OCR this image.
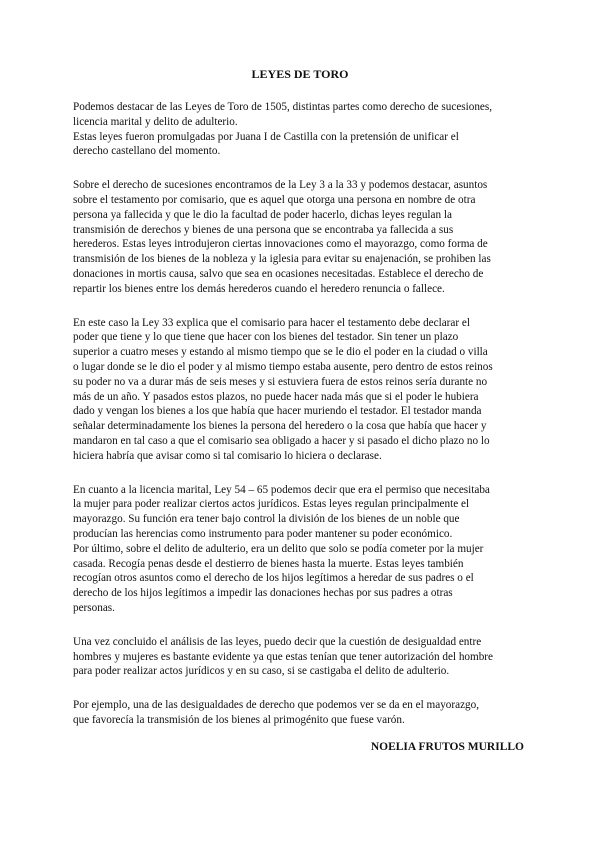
LEYES DE TORO

Podemos destacar de las Leyes de Toro de 1505, distintas partes como derecho de sucesiones,
licencia marital y delito de adulterio.
Estas leyes fueron promulgadas por Juana I de Castilla con la pretensión de unificar el
derecho castellano del momento.

Sobre el derecho de sucesiones encontramos de la Ley 3 a la 33 y podemos destacar, asuntos
sobre el testamento por comisario, que es aquel que otorga una persona en nombre de otra
persona ya fallecida y que le dio la facultad de poder hacerlo, dichas leyes regulan la
transmisión de derechos y bienes de una persona que se encontraba ya fallecida a sus
herederos. Estas leyes introdujeron ciertas innovaciones como el mayorazgo, como forma de
transmisión de los bienes de la nobleza y la iglesia para evitar su enajenación, se prohiben las
donaciones in mortis causa, salvo que sea en ocasiones necesitadas. Establece el derecho de
repartir los bienes entre los demás herederos cuando el heredero renuncia o fallece.

En este caso la Ley 33 explica que el comisario para hacer el testamento debe declarar el
poder que tiene y lo que tiene que hacer con los bienes del testador. Sin tener un plazo
superior a cuatro meses y estando al mismo tiempo que se le dio el poder en la ciudad o villa
o lugar donde se le dio el poder y al mismo tiempo estaba ausente, pero dentro de estos reinos
su poder no va a durar más de seis meses y si estuviera fuera de estos reinos sería durante no
más de un año. Y pasados estos plazos, no puede hacer nada más que si el poder le hubiera
dado y vengan los bienes a los que había que hacer muriendo el testador. El testador manda
señalar determinadamente los bienes la persona del heredero o la cosa que había que hacer y
mandaron en tal caso a que el comisario sea obligado a hacer y si pasado el dicho plazo no lo
hiciera habría que avisar como si tal comisario lo hiciera o declarase.

En cuanto a la licencia marital, Ley 54 – 65 podemos decir que era el permiso que necesitaba
la mujer para poder realizar ciertos actos jurídicos. Estas leyes regulan principalmente el
mayorazgo. Su función era tener bajo control la división de los bienes de un noble que
producían las herencias como instrumento para poder mantener su poder económico.
Por último, sobre el delito de adulterio, era un delito que solo se podía cometer por la mujer
casada. Recogía penas desde el destierro de bienes hasta la muerte. Estas leyes también
recogían otros asuntos como el derecho de los hijos legítimos a heredar de sus padres o el
derecho de los hijos legítimos a impedir las donaciones hechas por sus padres a otras
personas.

Una vez concluido el análisis de las leyes, puedo decir que la cuestión de desigualdad entre
hombres y mujeres es bastante evidente ya que estas tenían que tener autorización del hombre
para poder realizar actos jurídicos y en su caso, si se castigaba el delito de adulterio.

Por ejemplo, una de las desigualdades de derecho que podemos ver se da en el mayorazgo,
que favorecía la transmisión de los bienes al primogénito que fuese varón.

NOELIA FRUTOS MURILLO
